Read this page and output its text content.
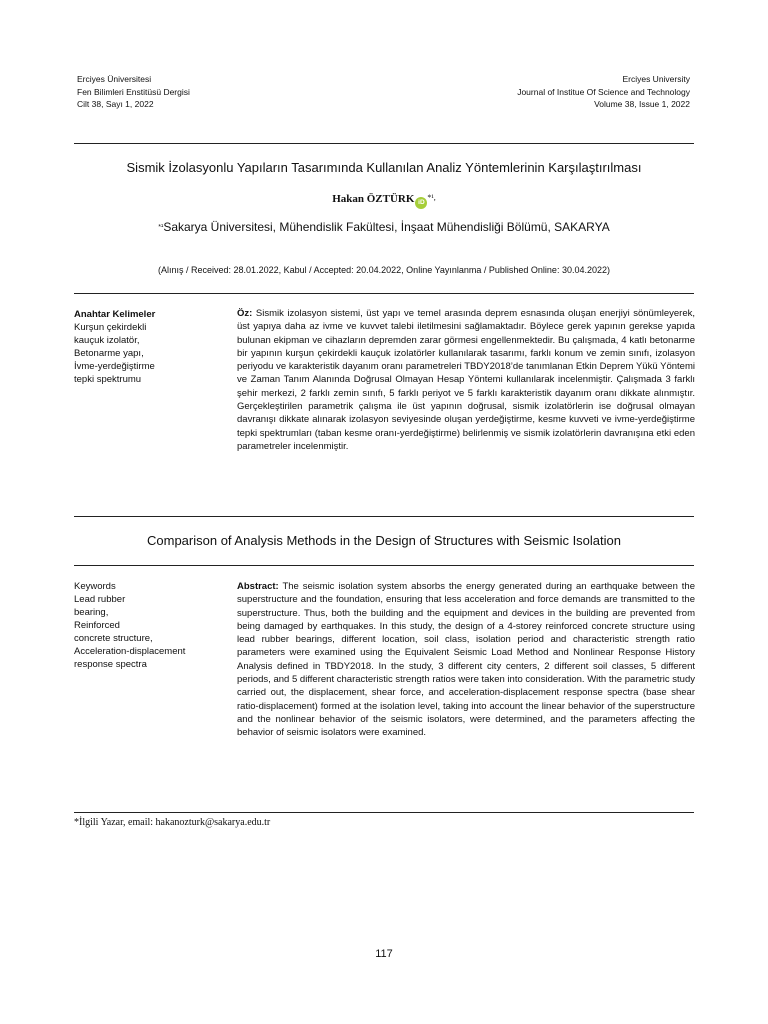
Erciyes Üniversitesi
Fen Bilimleri Enstitüsü Dergisi
Cilt 38, Sayı 1, 2022
Erciyes University
Journal of Institue Of Science and Technology
Volume 38, Issue 1, 2022
Sismik İzolasyonlu Yapıların Tasarımında Kullanılan Analiz Yöntemlerinin Karşılaştırılması
Hakan ÖZTÜRK $iD^{*^1,}$
*¹Sakarya Üniversitesi, Mühendislik Fakültesi, İnşaat Mühendisliği Bölümü, SAKARYA
(Alınış / Received: 28.01.2022, Kabul / Accepted: 20.04.2022, Online Yayınlanma / Published Online: 30.04.2022)
Anahtar Kelimeler
Kurşun çekirdekli
kauçuk izolatör,
Betonarme yapı,
İvme-yerdeğiştirme
tepki spektrumu
Öz: Sismik izolasyon sistemi, üst yapı ve temel arasında deprem esnasında oluşan enerjiyi sönümleyerek, üst yapıya daha az ivme ve kuvvet talebi iletilmesini sağlamaktadır. Böylece gerek yapının gerekse yapıda bulunan ekipman ve cihazların depremden zarar görmesi engellenmektedir. Bu çalışmada, 4 katlı betonarme bir yapının kurşun çekirdekli kauçuk izolatörler kullanılarak tasarımı, farklı konum ve zemin sınıfı, izolasyon periyodu ve karakteristik dayanım oranı parametreleri TBDY2018’de tanımlanan Etkin Deprem Yükü Yöntemi ve Zaman Tanım Alanında Doğrusal Olmayan Hesap Yöntemi kullanılarak incelenmiştir. Çalışmada 3 farklı şehir merkezi, 2 farklı zemin sınıfı, 5 farklı periyot ve 5 farklı karakteristik dayanım oranı dikkate alınmıştır. Gerçekleştirilen parametrik çalışma ile üst yapının doğrusal, sismik izolatörlerin ise doğrusal olmayan davranışı dikkate alınarak izolasyon seviyesinde oluşan yerdeğiştirme, kesme kuvveti ve ivme-yerdeğiştirme tepki spektrumları (taban kesme oranı-yerdeğiştirme) belirlenmiş ve sismik izolatörlerin davranışına etki eden parametreler incelenmiştir.
Comparison of Analysis Methods in the Design of Structures with Seismic Isolation
Keywords
Lead rubber
bearing,
Reinforced
concrete structure,
Acceleration-displacement
response spectra
Abstract: The seismic isolation system absorbs the energy generated during an earthquake between the superstructure and the foundation, ensuring that less acceleration and force demands are transmitted to the superstructure. Thus, both the building and the equipment and devices in the building are prevented from being damaged by earthquakes. In this study, the design of a 4-storey reinforced concrete structure using lead rubber bearings, different location, soil class, isolation period and characteristic strength ratio parameters were examined using the Equivalent Seismic Load Method and Nonlinear Response History Analysis defined in TBDY2018. In the study, 3 different city centers, 2 different soil classes, 5 different periods, and 5 different characteristic strength ratios were taken into consideration. With the parametric study carried out, the displacement, shear force, and acceleration-displacement response spectra (base shear ratio-displacement) formed at the isolation level, taking into account the linear behavior of the superstructure and the nonlinear behavior of the seismic isolators, were determined, and the parameters affecting the behavior of seismic isolators were examined.
*İlgili Yazar, email: hakanozturk@sakarya.edu.tr
117
